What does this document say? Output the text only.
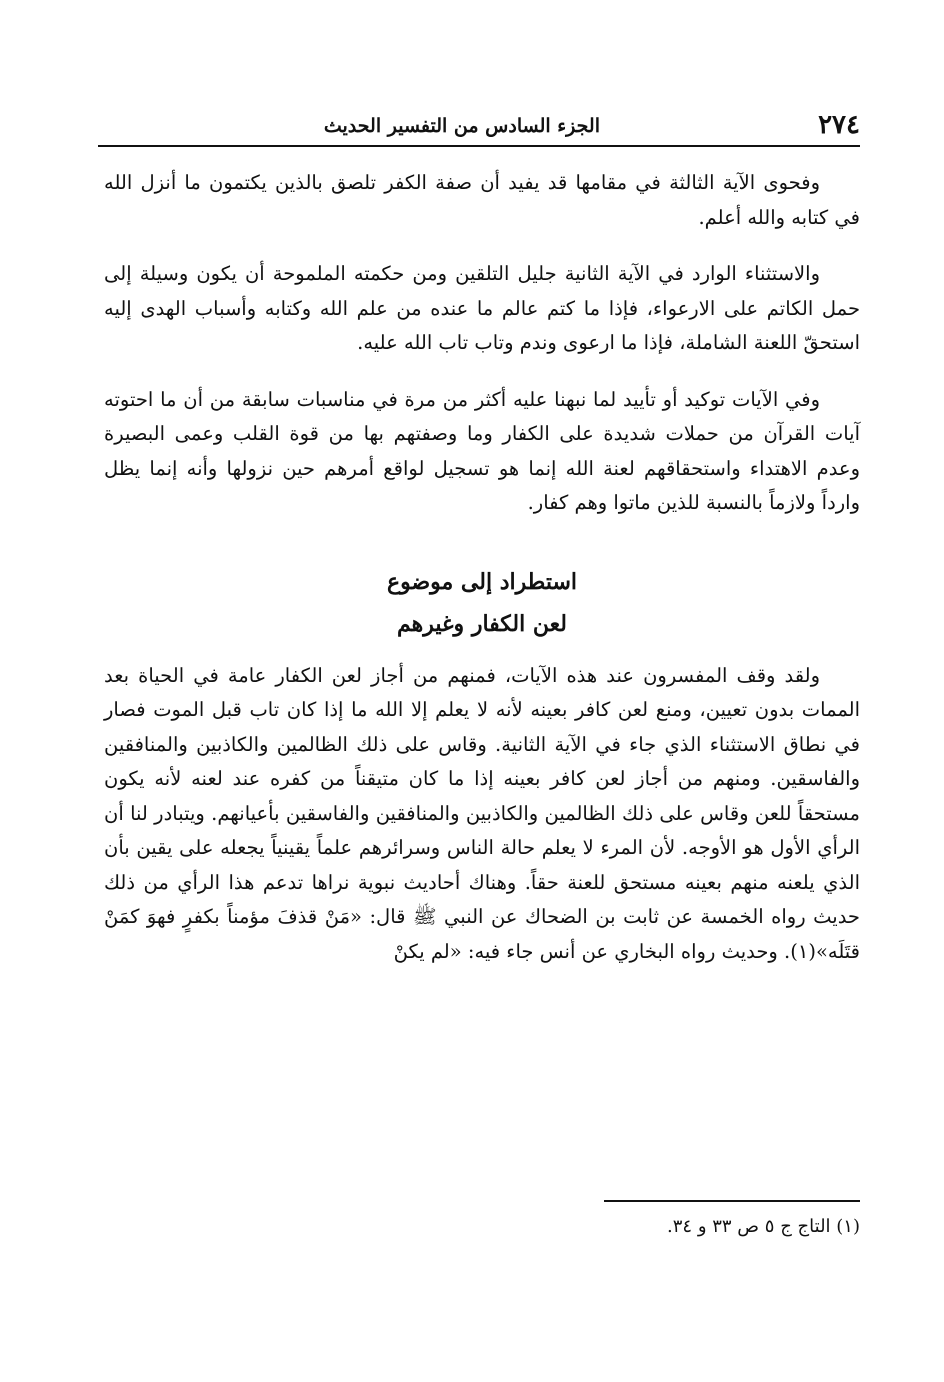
٢٧٤
الجزء السادس من التفسير الحديث

وفحوى الآية الثالثة في مقامها قد يفيد أن صفة الكفر تلصق بالذين يكتمون ما أنزل الله في كتابه والله أعلم.

والاستثناء الوارد في الآية الثانية جليل التلقين ومن حكمته الملموحة أن يكون وسيلة إلى حمل الكاتم على الارعواء، فإذا ما كتم عالم ما عنده من علم الله وكتابه وأسباب الهدى إليه استحقّ اللعنة الشاملة، فإذا ما ارعوى وندم وتاب تاب الله عليه.

وفي الآيات توكيد أو تأييد لما نبهنا عليه أكثر من مرة في مناسبات سابقة من أن ما احتوته آيات القرآن من حملات شديدة على الكفار وما وصفتهم بها من قوة القلب وعمى البصيرة وعدم الاهتداء واستحقاقهم لعنة الله إنما هو تسجيل لواقع أمرهم حين نزولها وأنه إنما يظل وارداً ولازماً بالنسبة للذين ماتوا وهم كفار.

استطراد إلى موضوع
لعن الكفار وغيرهم

ولقد وقف المفسرون عند هذه الآيات، فمنهم من أجاز لعن الكفار عامة في الحياة بعد الممات بدون تعيين، ومنع لعن كافر بعينه لأنه لا يعلم إلا الله ما إذا كان تاب قبل الموت فصار في نطاق الاستثناء الذي جاء في الآية الثانية. وقاس على ذلك الظالمين والكاذبين والمنافقين والفاسقين. ومنهم من أجاز لعن كافر بعينه إذا ما كان متيقناً من كفره عند لعنه لأنه يكون مستحقاً للعن وقاس على ذلك الظالمين والكاذبين والمنافقين والفاسقين بأعيانهم. ويتبادر لنا أن الرأي الأول هو الأوجه. لأن المرء لا يعلم حالة الناس وسرائرهم علماً يقينياً يجعله على يقين بأن الذي يلعنه منهم بعينه مستحق للعنة حقاً. وهناك أحاديث نبوية نراها تدعم هذا الرأي من ذلك حديث رواه الخمسة عن ثابت بن الضحاك عن النبي ﷺ قال: «مَنْ قذفَ مؤمناً بكفرٍ فهوَ كمَنْ قتَلَه»(١). وحديث رواه البخاري عن أنس جاء فيه: «لم يكنْ

(١) التاج ج ٥ ص ٣٣ و ٣٤.
